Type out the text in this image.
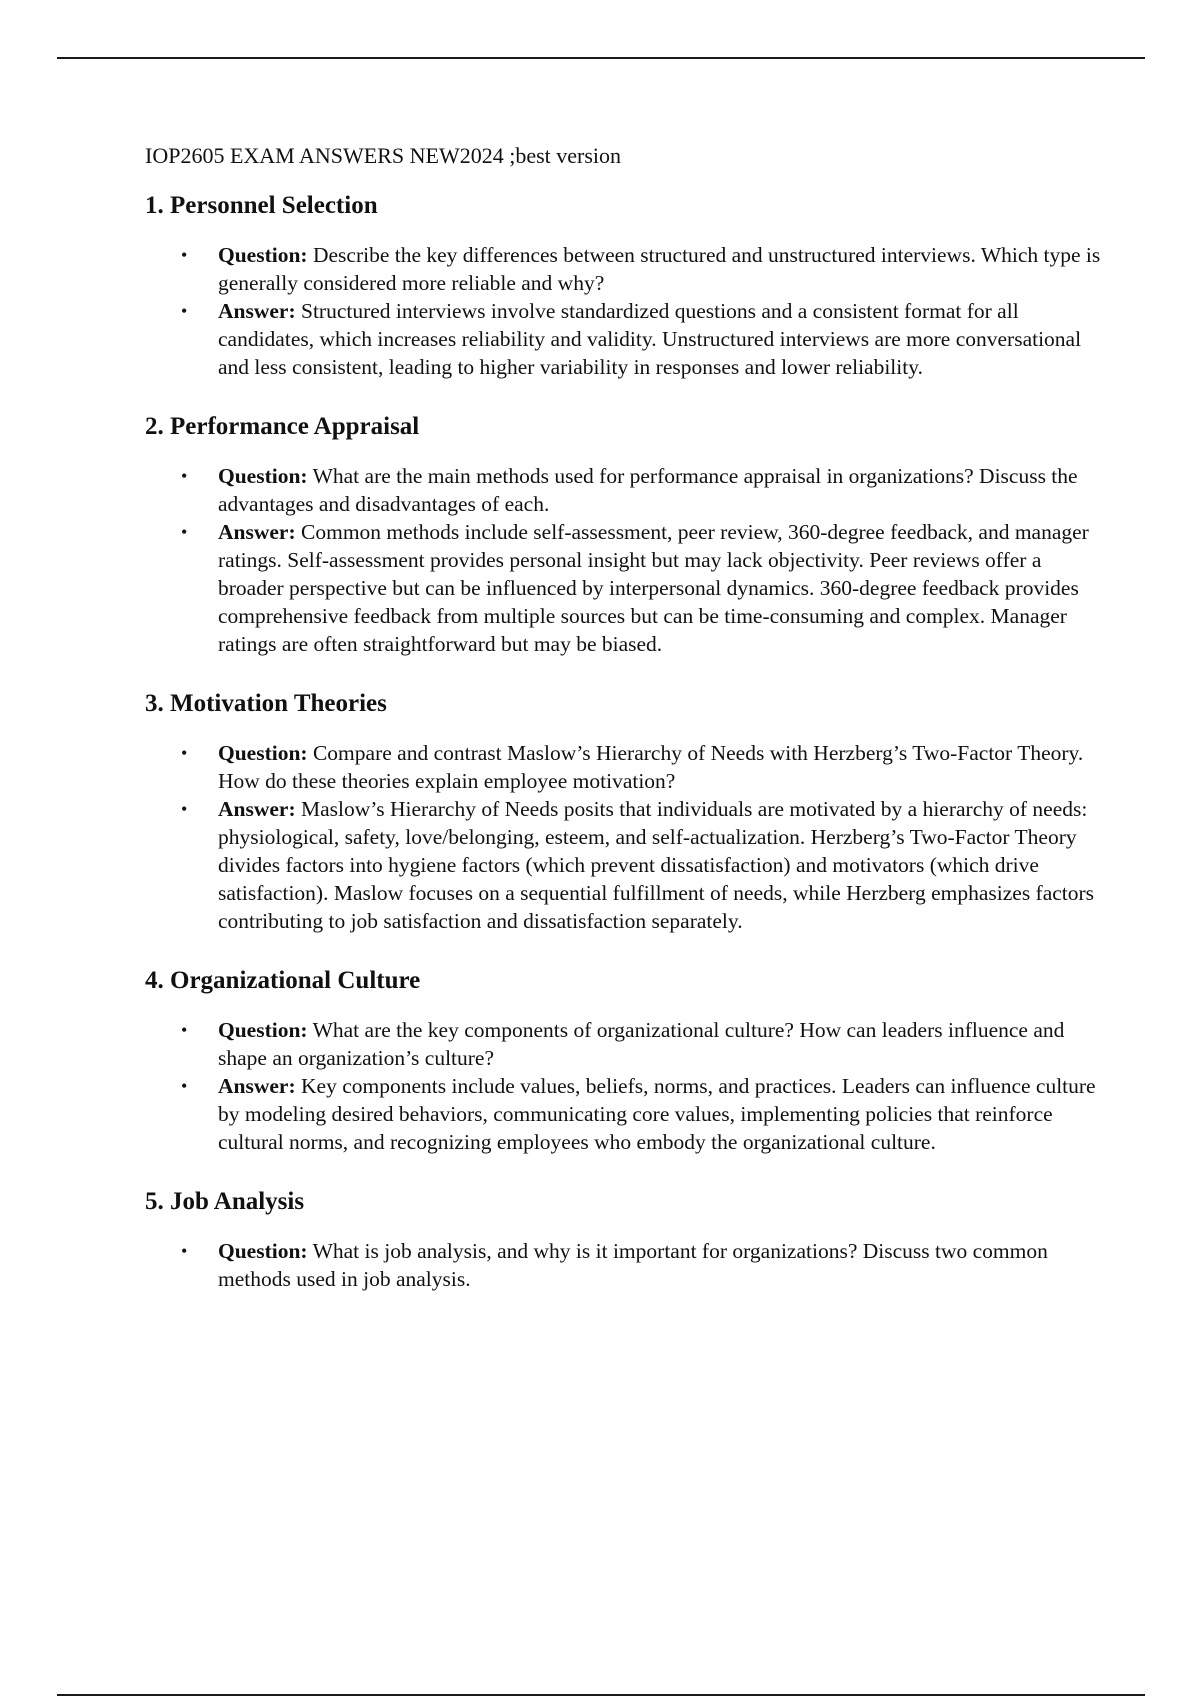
IOP2605 EXAM ANSWERS NEW2024 ;best version
1. Personnel Selection
• Question: Describe the key differences between structured and unstructured interviews. Which type is generally considered more reliable and why?
• Answer: Structured interviews involve standardized questions and a consistent format for all candidates, which increases reliability and validity. Unstructured interviews are more conversational and less consistent, leading to higher variability in responses and lower reliability.
2. Performance Appraisal
• Question: What are the main methods used for performance appraisal in organizations? Discuss the advantages and disadvantages of each.
• Answer: Common methods include self-assessment, peer review, 360-degree feedback, and manager ratings. Self-assessment provides personal insight but may lack objectivity. Peer reviews offer a broader perspective but can be influenced by interpersonal dynamics. 360-degree feedback provides comprehensive feedback from multiple sources but can be time-consuming and complex. Manager ratings are often straightforward but may be biased.
3. Motivation Theories
• Question: Compare and contrast Maslow’s Hierarchy of Needs with Herzberg’s Two-Factor Theory. How do these theories explain employee motivation?
• Answer: Maslow’s Hierarchy of Needs posits that individuals are motivated by a hierarchy of needs: physiological, safety, love/belonging, esteem, and self-actualization. Herzberg’s Two-Factor Theory divides factors into hygiene factors (which prevent dissatisfaction) and motivators (which drive satisfaction). Maslow focuses on a sequential fulfillment of needs, while Herzberg emphasizes factors contributing to job satisfaction and dissatisfaction separately.
4. Organizational Culture
• Question: What are the key components of organizational culture? How can leaders influence and shape an organization’s culture?
• Answer: Key components include values, beliefs, norms, and practices. Leaders can influence culture by modeling desired behaviors, communicating core values, implementing policies that reinforce cultural norms, and recognizing employees who embody the organizational culture.
5. Job Analysis
• Question: What is job analysis, and why is it important for organizations? Discuss two common methods used in job analysis.
